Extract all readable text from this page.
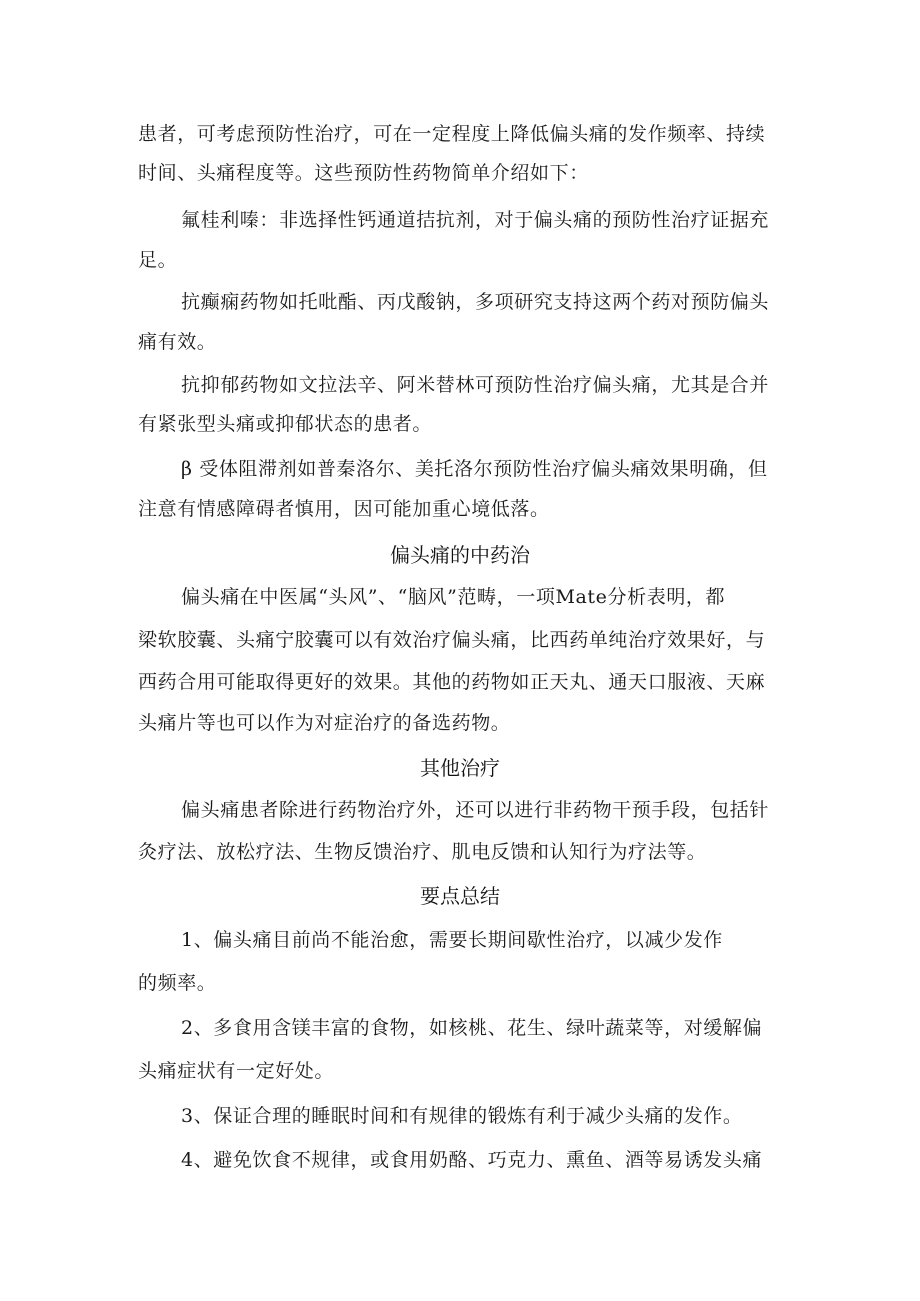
患者，可考虑预防性治疗，可在一定程度上降低偏头痛的发作频率、持续
时间、头痛程度等。这些预防性药物简单介绍如下：
氟桂利嗪：非选择性钙通道拮抗剂，对于偏头痛的预防性治疗证据充
足。
抗癫痫药物如托吡酯、丙戊酸钠，多项研究支持这两个药对预防偏头
痛有效。
抗抑郁药物如文拉法辛、阿米替林可预防性治疗偏头痛，尤其是合并
有紧张型头痛或抑郁状态的患者。
β 受体阻滞剂如普秦洛尔、美托洛尔预防性治疗偏头痛效果明确，但
注意有情感障碍者慎用，因可能加重心境低落。
偏头痛的中药治
偏头痛在中医属“头风”、“脑风”范畴，一项Mate分析表明，都
梁软胶囊、头痛宁胶囊可以有效治疗偏头痛，比西药单纯治疗效果好，与
西药合用可能取得更好的效果。其他的药物如正天丸、通天口服液、天麻
头痛片等也可以作为对症治疗的备选药物。
其他治疗
偏头痛患者除进行药物治疗外，还可以进行非药物干预手段，包括针
灸疗法、放松疗法、生物反馈治疗、肌电反馈和认知行为疗法等。
要点总结
1、偏头痛目前尚不能治愈，需要长期间歇性治疗，以减少发作
的频率。
2、多食用含镁丰富的食物，如核桃、花生、绿叶蔬菜等，对缓解偏
头痛症状有一定好处。
3、保证合理的睡眠时间和有规律的锻炼有利于减少头痛的发作。
4、避免饮食不规律，或食用奶酪、巧克力、熏鱼、酒等易诱发头痛
